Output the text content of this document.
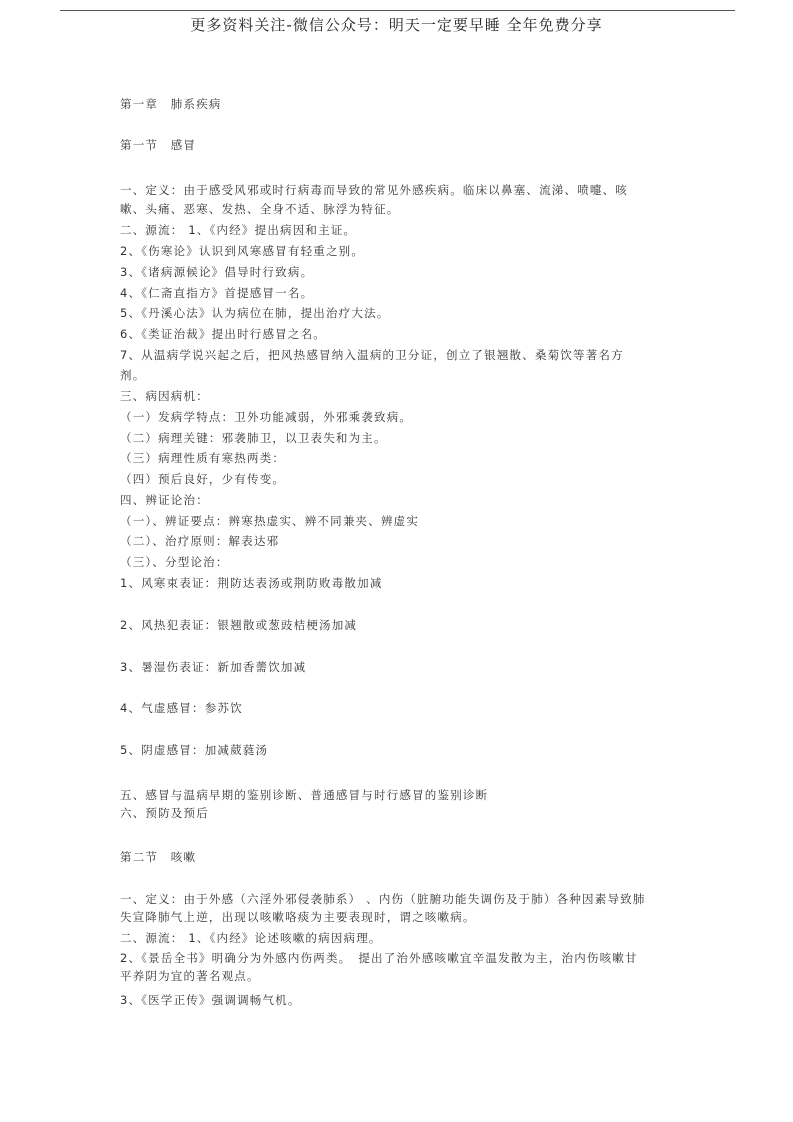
更多资料关注-微信公众号：明天一定要早睡 全年免费分享
第一章　肺系疾病
第一节　感冒
一、定义：由于感受风邪或时行病毒而导致的常见外感疾病。临床以鼻塞、流涕、喷嚏、咳
嗽、头痛、恶寒、发热、全身不适、脉浮为特征。
二、源流： 1、《内经》提出病因和主证。
2、《伤寒论》认识到风寒感冒有轻重之别。
3、《诸病源候论》倡导时行致病。
4、《仁斋直指方》首提感冒一名。
5、《丹溪心法》认为病位在肺，提出治疗大法。
6、《类证治裁》提出时行感冒之名。
7、从温病学说兴起之后，把风热感冒纳入温病的卫分证，创立了银翘散、桑菊饮等著名方
剂。
三、病因病机：
（一）发病学特点：卫外功能减弱，外邪乘袭致病。
（二）病理关键：邪袭肺卫，以卫表失和为主。
（三）病理性质有寒热两类：
（四）预后良好，少有传变。
四、辨证论治：
（一）、辨证要点：辨寒热虚实、辨不同兼夹、辨虚实
（二）、治疗原则：解表达邪
（三）、分型论治：
1、风寒束表证：荆防达表汤或荆防败毒散加减
2、风热犯表证：银翘散或葱豉桔梗汤加减
3、暑湿伤表证：新加香薷饮加减
4、气虚感冒：参苏饮
5、阴虚感冒：加减葳蕤汤
五、感冒与温病早期的鉴别诊断、普通感冒与时行感冒的鉴别诊断
六、预防及预后
第二节　咳嗽
一、定义：由于外感（六淫外邪侵袭肺系） 、内伤（脏腑功能失调伤及于肺）各种因素导致肺
失宣降肺气上逆，出现以咳嗽咯痰为主要表现时，谓之咳嗽病。
二、源流： 1、《内经》论述咳嗽的病因病理。
2、《景岳全书》明确分为外感内伤两类。　提出了治外感咳嗽宜辛温发散为主，治内伤咳嗽甘
平养阴为宜的著名观点。
3、《医学正传》强调调畅气机。
